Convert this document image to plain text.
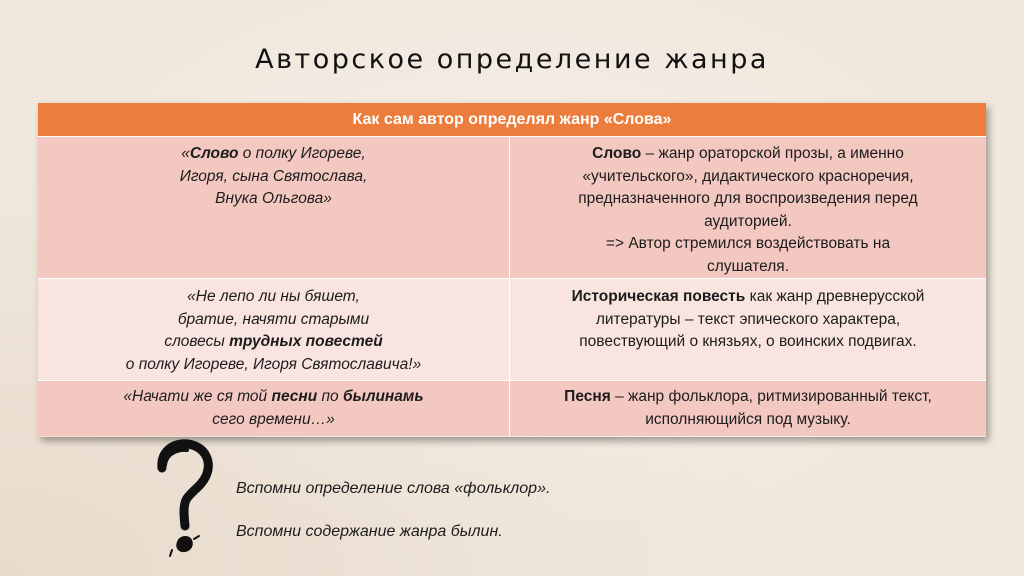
Авторское определение жанра
Как сам автор определял жанр «Слова»
«Слово о полку Игореве,
Игоря, сына Святослава,
Внука Ольгова»
Слово – жанр ораторской прозы, а именно
«учительского», дидактического красноречия,
предназначенного для воспроизведения перед
аудиторией.
=> Автор стремился воздействовать на
слушателя.
«Не лепо ли ны бяшет,
братие, начяти старыми
словесы трудных повестей
о полку Игореве, Игоря Святославича!»
Историческая повесть как жанр древнерусской
литературы – текст эпического характера,
повествующий о князьях, о воинских подвигах.
«Начати же ся той песни по былинамь
сего времени…»
Песня – жанр фольклора, ритмизированный текст,
исполняющийся под музыку.
Вспомни определение слова «фольклор».
Вспомни содержание жанра былин.
